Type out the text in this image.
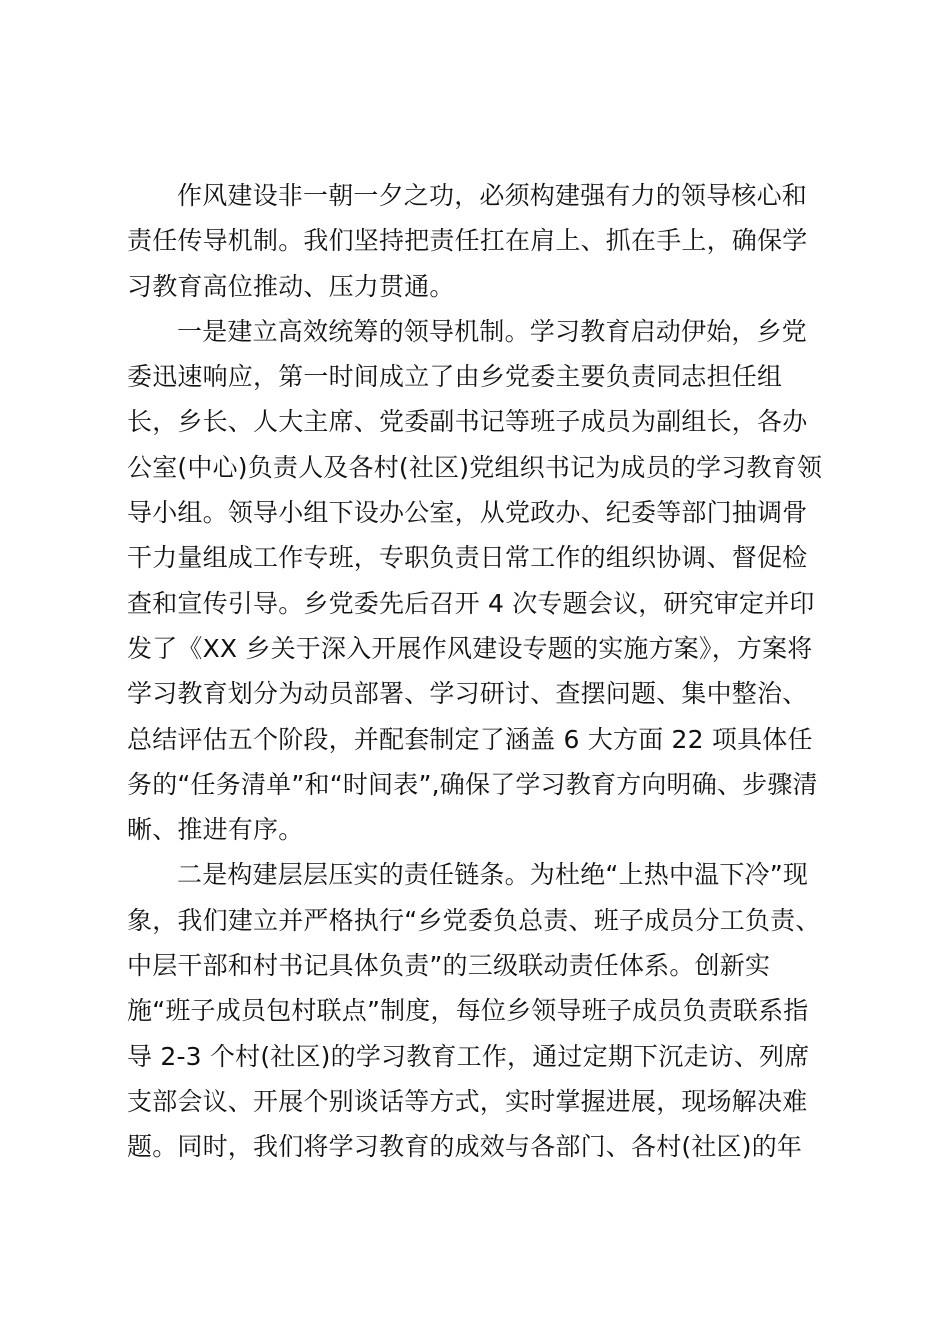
作风建设非一朝一夕之功，必须构建强有力的领导核心和
责任传导机制。我们坚持把责任扛在肩上、抓在手上，确保学
习教育高位推动、压力贯通。
一是建立高效统筹的领导机制。学习教育启动伊始，乡党
委迅速响应，第一时间成立了由乡党委主要负责同志担任组
长，乡长、人大主席、党委副书记等班子成员为副组长，各办
公室(中心)负责人及各村(社区)党组织书记为成员的学习教育领
导小组。领导小组下设办公室，从党政办、纪委等部门抽调骨
干力量组成工作专班，专职负责日常工作的组织协调、督促检
查和宣传引导。乡党委先后召开 4 次专题会议，研究审定并印
发了《XX 乡关于深入开展作风建设专题的实施方案》，方案将
学习教育划分为动员部署、学习研讨、查摆问题、集中整治、
总结评估五个阶段，并配套制定了涵盖 6 大方面 22 项具体任
务的“任务清单”和“时间表”,确保了学习教育方向明确、步骤清
晰、推进有序。
二是构建层层压实的责任链条。为杜绝“上热中温下冷”现
象，我们建立并严格执行“乡党委负总责、班子成员分工负责、
中层干部和村书记具体负责”的三级联动责任体系。创新实
施“班子成员包村联点”制度，每位乡领导班子成员负责联系指
导 2-3 个村(社区)的学习教育工作，通过定期下沉走访、列席
支部会议、开展个别谈话等方式，实时掌握进展，现场解决难
题。同时，我们将学习教育的成效与各部门、各村(社区)的年
